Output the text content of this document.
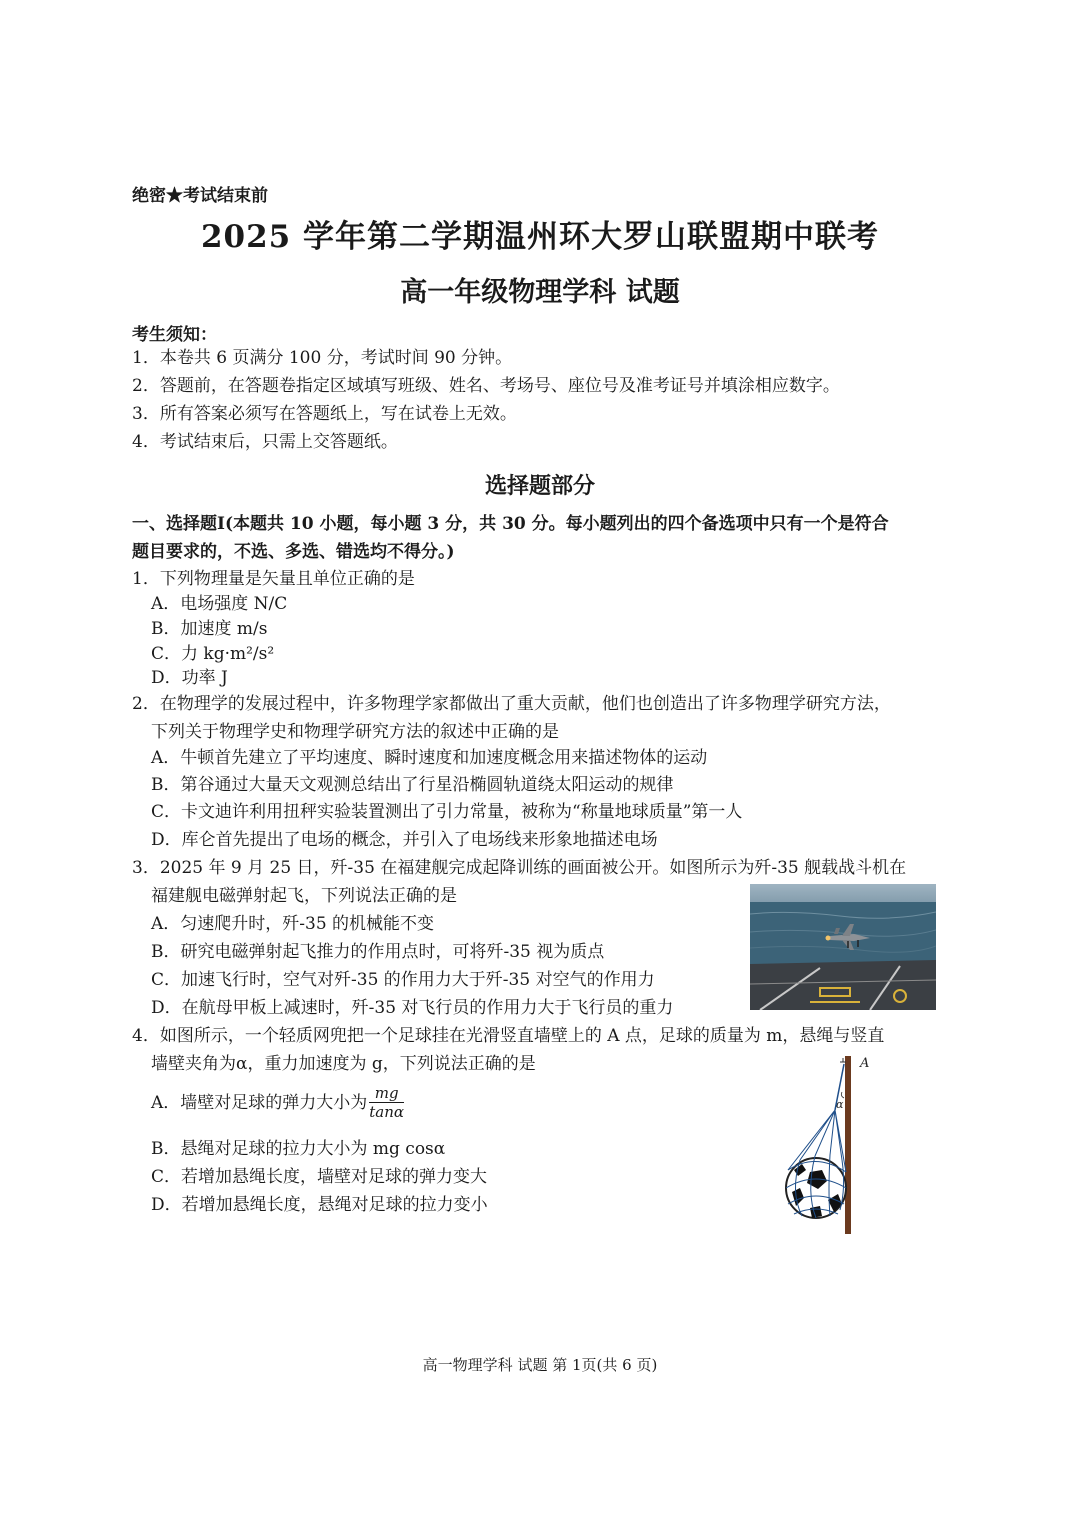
绝密★考试结束前
2025 学年第二学期温州环大罗山联盟期中联考
高一年级物理学科 试题
考生须知：
1．本卷共 6 页满分 100 分，考试时间 90 分钟。
2．答题前，在答题卷指定区域填写班级、姓名、考场号、座位号及准考证号并填涂相应数字。
3．所有答案必须写在答题纸上，写在试卷上无效。
4．考试结束后，只需上交答题纸。
选择题部分
一、选择题Ⅰ(本题共 10 小题，每小题 3 分，共 30 分。每小题列出的四个备选项中只有一个是符合
题目要求的，不选、多选、错选均不得分。)
1．下列物理量是矢量且单位正确的是
A．电场强度 N/C
B．加速度 m/s
C．力 kg·m²/s²
D．功率 J
2．在物理学的发展过程中，许多物理学家都做出了重大贡献，他们也创造出了许多物理学研究方法，
下列关于物理学史和物理学研究方法的叙述中正确的是
A．牛顿首先建立了平均速度、瞬时速度和加速度概念用来描述物体的运动
B．第谷通过大量天文观测总结出了行星沿椭圆轨道绕太阳运动的规律
C．卡文迪许利用扭秤实验装置测出了引力常量，被称为“称量地球质量”第一人
D．库仑首先提出了电场的概念，并引入了电场线来形象地描述电场
3．2025 年 9 月 25 日，歼-35 在福建舰完成起降训练的画面被公开。如图所示为歼-35 舰载战斗机在
福建舰电磁弹射起飞，下列说法正确的是
A．匀速爬升时，歼-35 的机械能不变
B．研究电磁弹射起飞推力的作用点时，可将歼-35 视为质点
C．加速飞行时，空气对歼-35 的作用力大于歼-35 对空气的作用力
D．在航母甲板上减速时，歼-35 对飞行员的作用力大于飞行员的重力
4．如图所示，一个轻质网兜把一个足球挂在光滑竖直墙壁上的 A 点，足球的质量为 m，悬绳与竖直
墙壁夹角为α，重力加速度为 g，下列说法正确的是
A．墙壁对足球的弹力大小为 $\frac{mg}{\tan\alpha}$
B．悬绳对足球的拉力大小为 mg cosα
C．若增加悬绳长度，墙壁对足球的弹力变大
D．若增加悬绳长度，悬绳对足球的拉力变小
A
α
高一物理学科 试题 第 1页(共 6 页)
